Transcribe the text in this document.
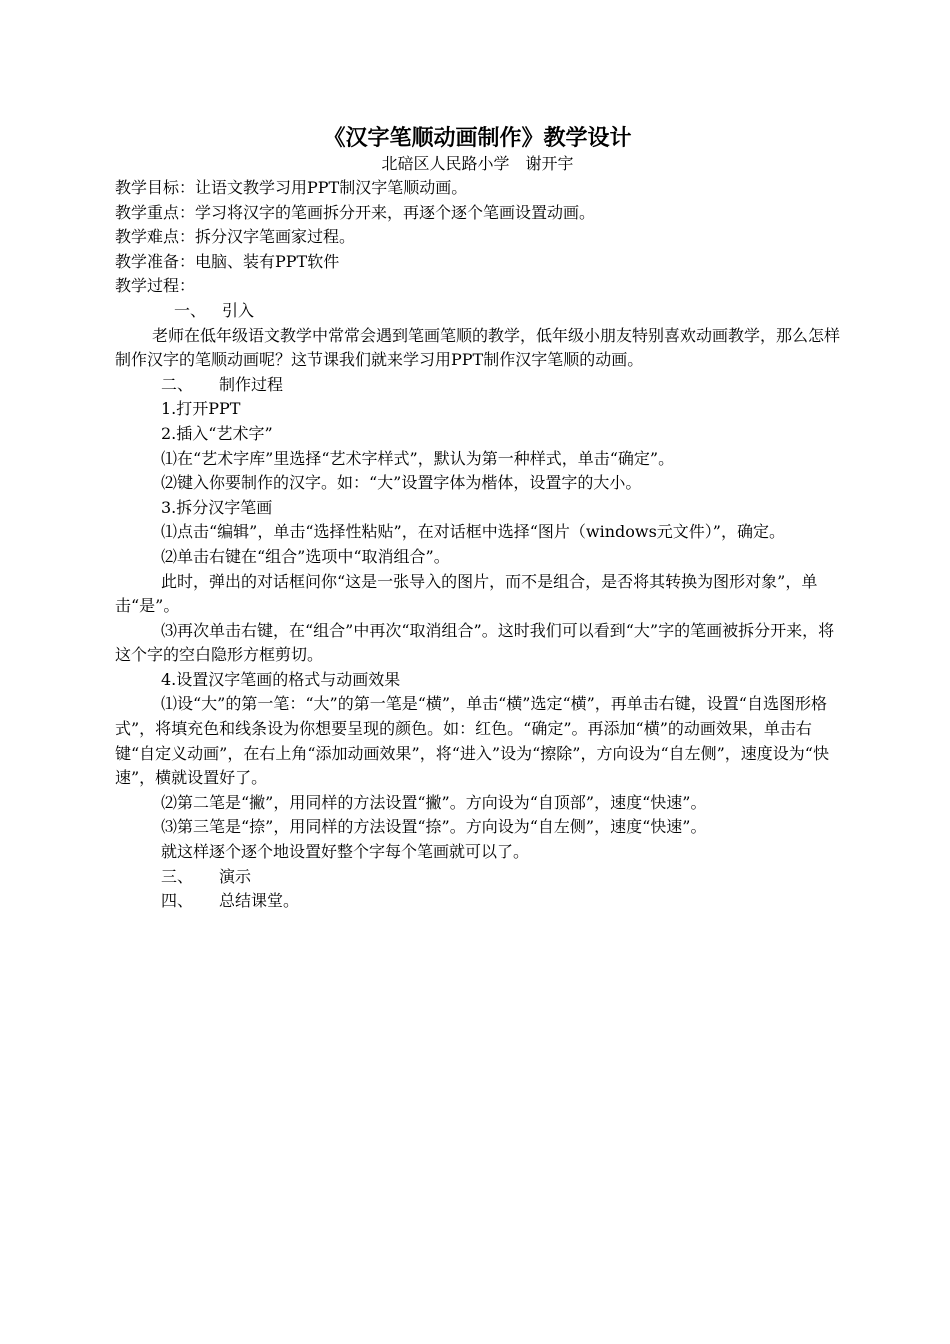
《汉字笔顺动画制作》教学设计

北碚区人民路小学　谢开宇

教学目标：让语文教学习用PPT制汉字笔顺动画。

教学重点：学习将汉字的笔画拆分开来，再逐个逐个笔画设置动画。

教学难点：拆分汉字笔画家过程。

教学准备：电脑、装有PPT软件

教学过程：

一、 引入

老师在低年级语文教学中常常会遇到笔画笔顺的教学，低年级小朋友特别喜欢动画教学，那么怎样制作汉字的笔顺动画呢？这节课我们就来学习用PPT制作汉字笔顺的动画。

二、 制作过程

1.打开PPT

2.插入“艺术字”

⑴在“艺术字库”里选择“艺术字样式”，默认为第一种样式，单击“确定”。

⑵键入你要制作的汉字。如：“大”设置字体为楷体，设置字的大小。

3.拆分汉字笔画

⑴点击“编辑”，单击“选择性粘贴”，在对话框中选择“图片（windows元文件）”，确定。

⑵单击右键在“组合”选项中“取消组合”。

此时，弹出的对话框问你“这是一张导入的图片，而不是组合，是否将其转换为图形对象”，单击“是”。

⑶再次单击右键，在“组合”中再次“取消组合”。这时我们可以看到“大”字的笔画被拆分开来，将这个字的空白隐形方框剪切。

4.设置汉字笔画的格式与动画效果

⑴设“大”的第一笔：“大”的第一笔是“横”，单击“横”选定“横”，再单击右键，设置“自选图形格式”，将填充色和线条设为你想要呈现的颜色。如：红色。“确定”。再添加“横”的动画效果，单击右键“自定义动画”，在右上角“添加动画效果”，将“进入”设为“擦除”，方向设为“自左侧”，速度设为“快速”，横就设置好了。

⑵第二笔是“撇”，用同样的方法设置“撇”。方向设为“自顶部”，速度“快速”。

⑶第三笔是“捺”，用同样的方法设置“捺”。方向设为“自左侧”，速度“快速”。

就这样逐个逐个地设置好整个字每个笔画就可以了。

三、 演示

四、 总结课堂。
